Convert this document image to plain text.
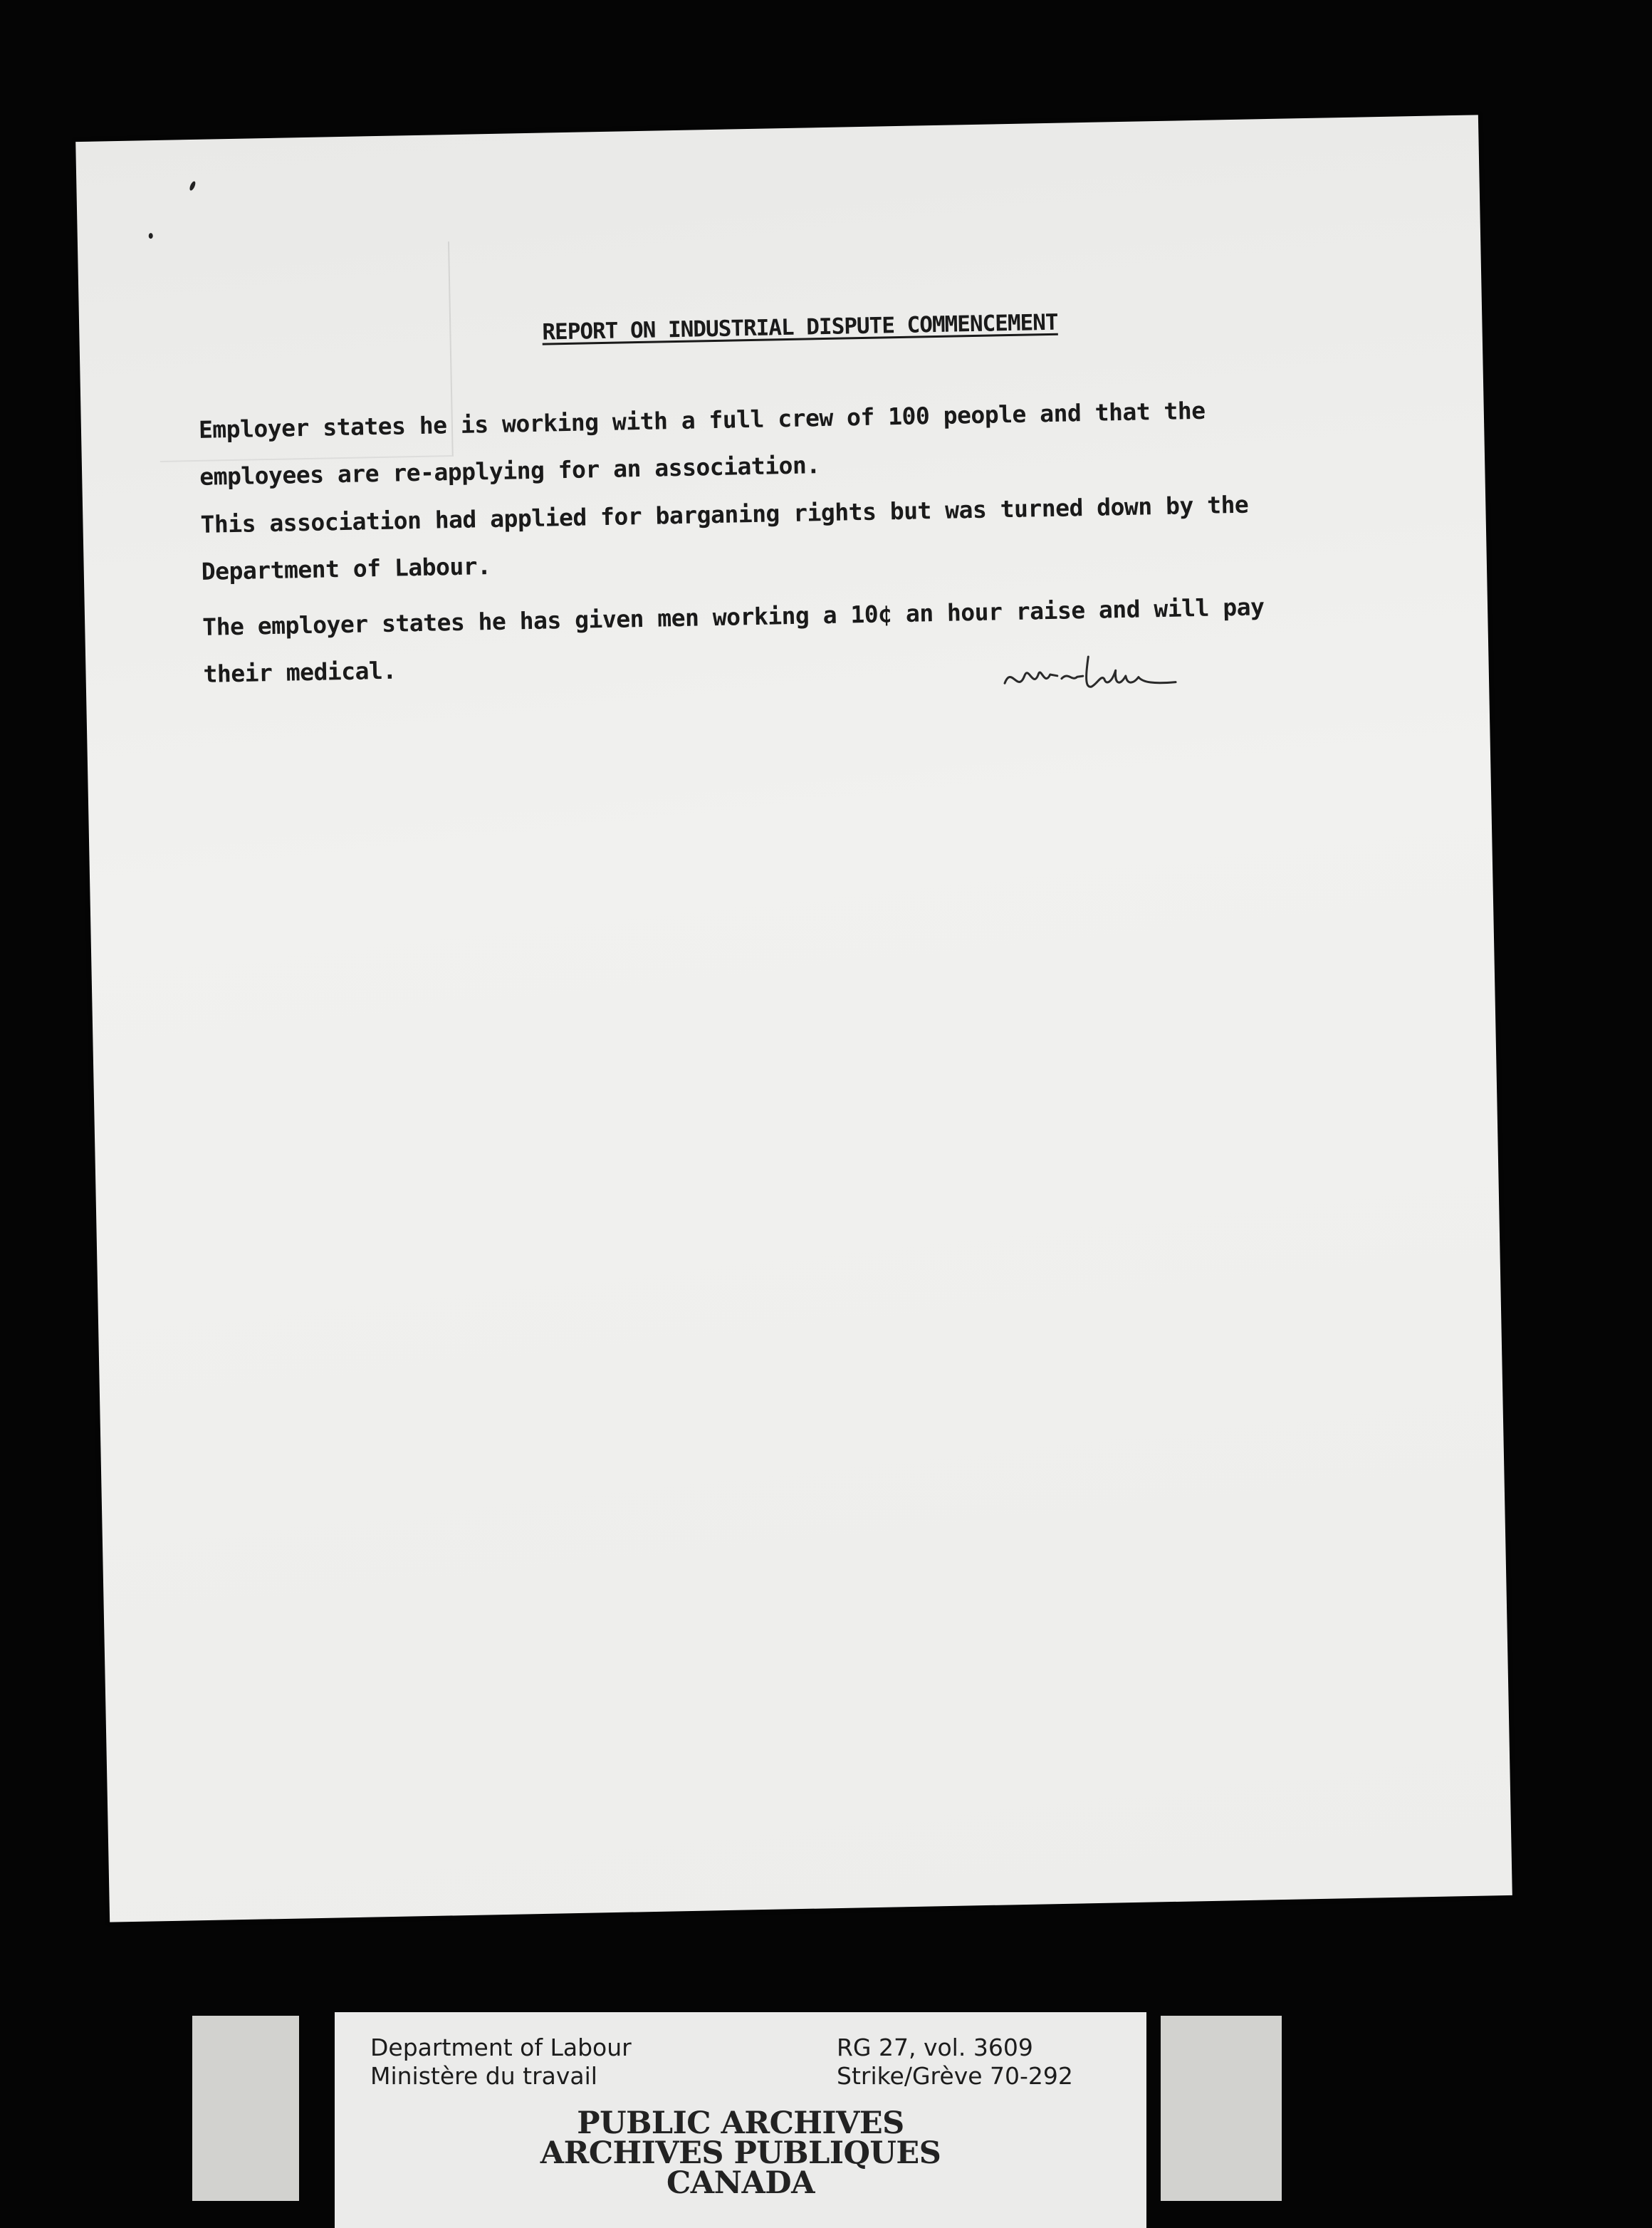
REPORT ON INDUSTRIAL DISPUTE COMMENCEMENT
Employer states he is working with a full crew of 100 people and that the employees are re-applying for an association.
This association had applied for barganing rights but was turned down by the Department of Labour.
The employer states he has given men working a 10¢ an hour raise and will pay their medical.
Department of Labour
Ministère du travail
RG 27, vol. 3609
Strike/Grève 70-292
PUBLIC ARCHIVES
ARCHIVES PUBLIQUES
CANADA
